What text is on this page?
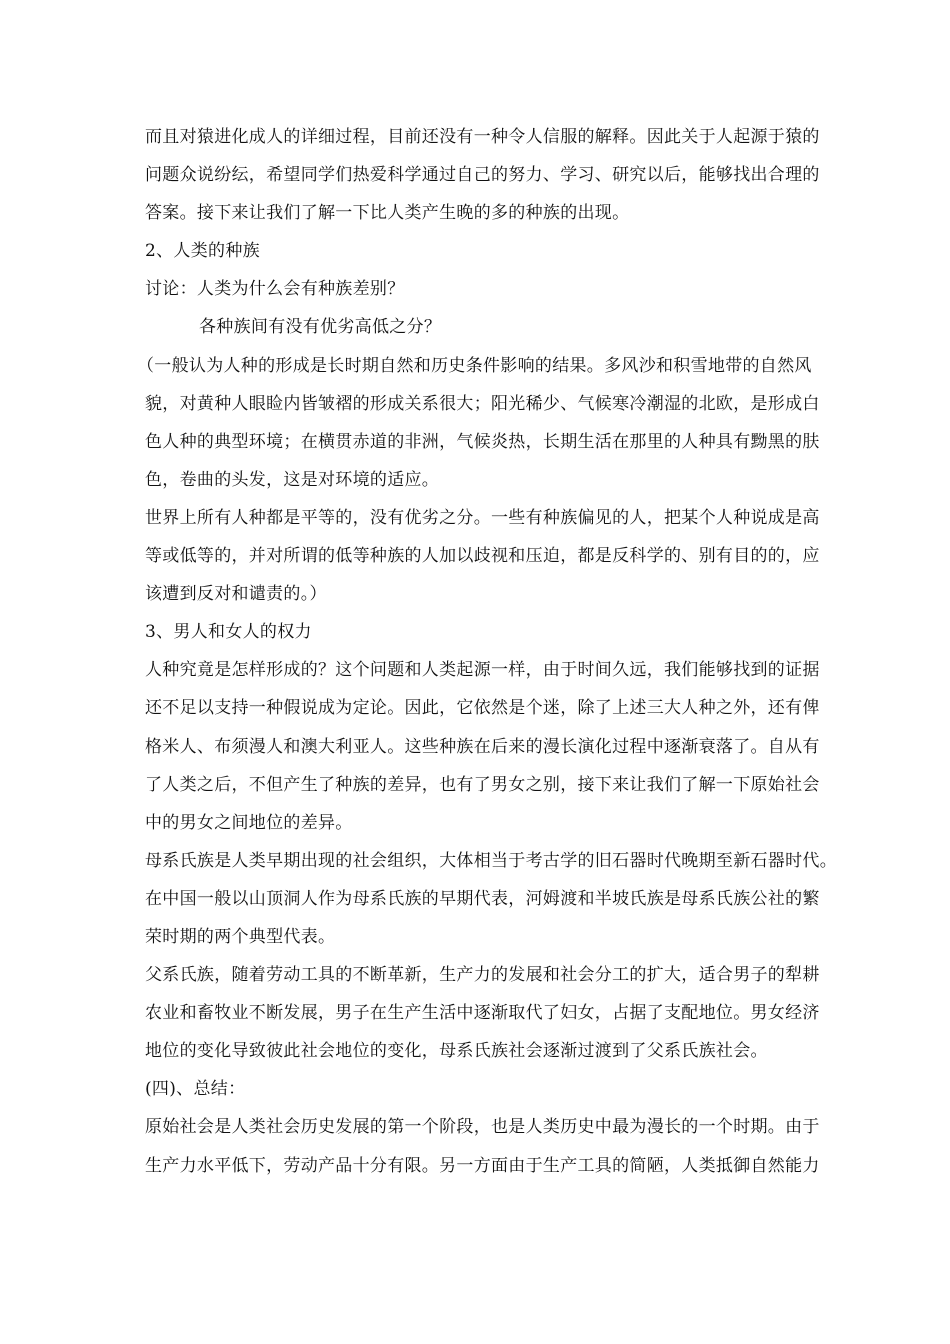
而且对猿进化成人的详细过程，目前还没有一种令人信服的解释。因此关于人起源于猿的
问题众说纷纭，希望同学们热爱科学通过自己的努力、学习、研究以后，能够找出合理的
答案。接下来让我们了解一下比人类产生晚的多的种族的出现。
2、人类的种族
讨论：人类为什么会有种族差别？
各种族间有没有优劣高低之分？
（一般认为人种的形成是长时期自然和历史条件影响的结果。多风沙和积雪地带的自然风
貌，对黄种人眼睑内皆皱褶的形成关系很大；阳光稀少、气候寒冷潮湿的北欧，是形成白
色人种的典型环境；在横贯赤道的非洲，气候炎热，长期生活在那里的人种具有黝黑的肤
色，卷曲的头发，这是对环境的适应。
世界上所有人种都是平等的，没有优劣之分。一些有种族偏见的人，把某个人种说成是高
等或低等的，并对所谓的低等种族的人加以歧视和压迫，都是反科学的、别有目的的，应
该遭到反对和谴责的。）
3、男人和女人的权力
人种究竟是怎样形成的？这个问题和人类起源一样，由于时间久远，我们能够找到的证据
还不足以支持一种假说成为定论。因此，它依然是个迷，除了上述三大人种之外，还有俾
格米人、布须漫人和澳大利亚人。这些种族在后来的漫长演化过程中逐渐衰落了。自从有
了人类之后，不但产生了种族的差异，也有了男女之别，接下来让我们了解一下原始社会
中的男女之间地位的差异。
母系氏族是人类早期出现的社会组织，大体相当于考古学的旧石器时代晚期至新石器时代。
在中国一般以山顶洞人作为母系氏族的早期代表，河姆渡和半坡氏族是母系氏族公社的繁
荣时期的两个典型代表。
父系氏族，随着劳动工具的不断革新，生产力的发展和社会分工的扩大，适合男子的犁耕
农业和畜牧业不断发展，男子在生产生活中逐渐取代了妇女，占据了支配地位。男女经济
地位的变化导致彼此社会地位的变化，母系氏族社会逐渐过渡到了父系氏族社会。
(四)、总结：
原始社会是人类社会历史发展的第一个阶段，也是人类历史中最为漫长的一个时期。由于
生产力水平低下，劳动产品十分有限。另一方面由于生产工具的简陋，人类抵御自然能力
